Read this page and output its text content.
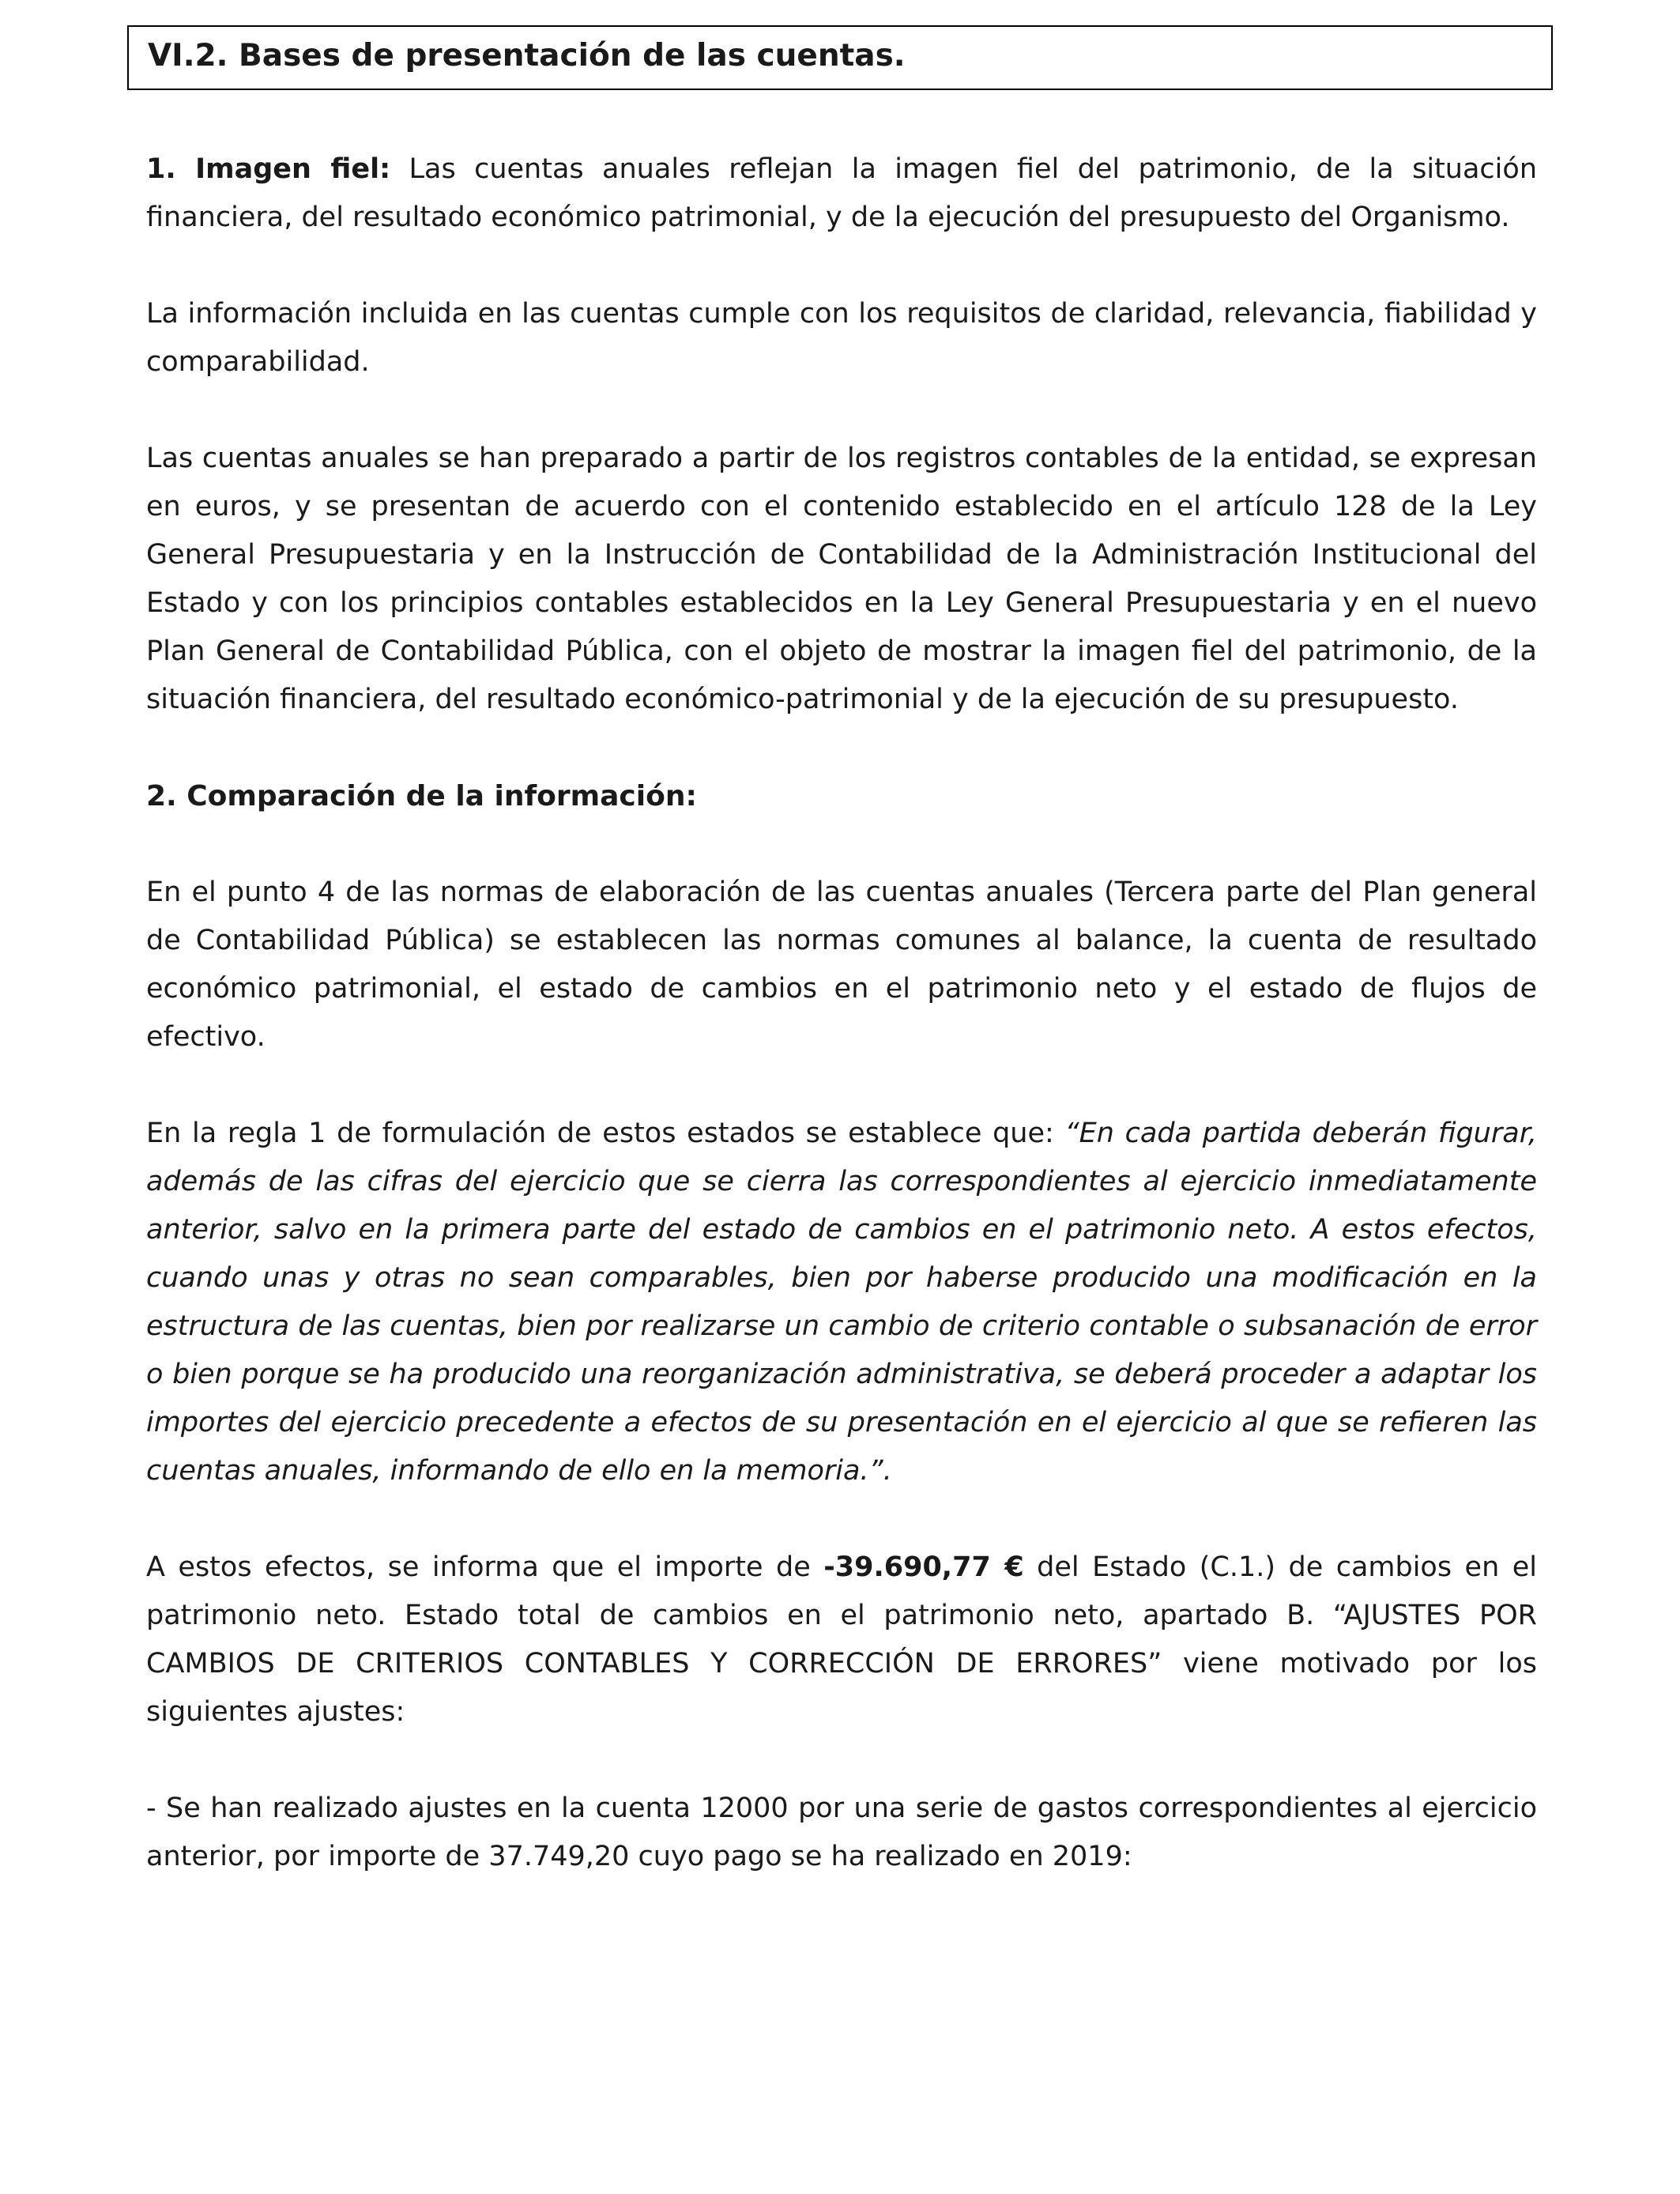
VI.2. Bases de presentación de las cuentas.

1. Imagen fiel: Las cuentas anuales reflejan la imagen fiel del patrimonio, de la situación financiera, del resultado económico patrimonial, y de la ejecución del presupuesto del Organismo.

La información incluida en las cuentas cumple con los requisitos de claridad, relevancia, fiabilidad y comparabilidad.

Las cuentas anuales se han preparado a partir de los registros contables de la entidad, se expresan en euros, y se presentan de acuerdo con el contenido establecido en el artículo 128 de la Ley General Presupuestaria y en la Instrucción de Contabilidad de la Administración Institucional del Estado y con los principios contables establecidos en la Ley General Presupuestaria y en el nuevo Plan General de Contabilidad Pública, con el objeto de mostrar la imagen fiel del patrimonio, de la situación financiera, del resultado económico-patrimonial y de la ejecución de su presupuesto.

2. Comparación de la información:

En el punto 4 de las normas de elaboración de las cuentas anuales (Tercera parte del Plan general de Contabilidad Pública) se establecen las normas comunes al balance, la cuenta de resultado económico patrimonial, el estado de cambios en el patrimonio neto y el estado de flujos de efectivo.

En la regla 1 de formulación de estos estados se establece que: “En cada partida deberán figurar, además de las cifras del ejercicio que se cierra las correspondientes al ejercicio inmediatamente anterior, salvo en la primera parte del estado de cambios en el patrimonio neto. A estos efectos, cuando unas y otras no sean comparables, bien por haberse producido una modificación en la estructura de las cuentas, bien por realizarse un cambio de criterio contable o subsanación de error o bien porque se ha producido una reorganización administrativa, se deberá proceder a adaptar los importes del ejercicio precedente a efectos de su presentación en el ejercicio al que se refieren las cuentas anuales, informando de ello en la memoria.”.

A estos efectos, se informa que el importe de -39.690,77 € del Estado (C.1.) de cambios en el patrimonio neto. Estado total de cambios en el patrimonio neto, apartado B. “AJUSTES POR CAMBIOS DE CRITERIOS CONTABLES Y CORRECCIÓN DE ERRORES” viene motivado por los siguientes ajustes:

- Se han realizado ajustes en la cuenta 12000 por una serie de gastos correspondientes al ejercicio anterior, por importe de 37.749,20 cuyo pago se ha realizado en 2019:
